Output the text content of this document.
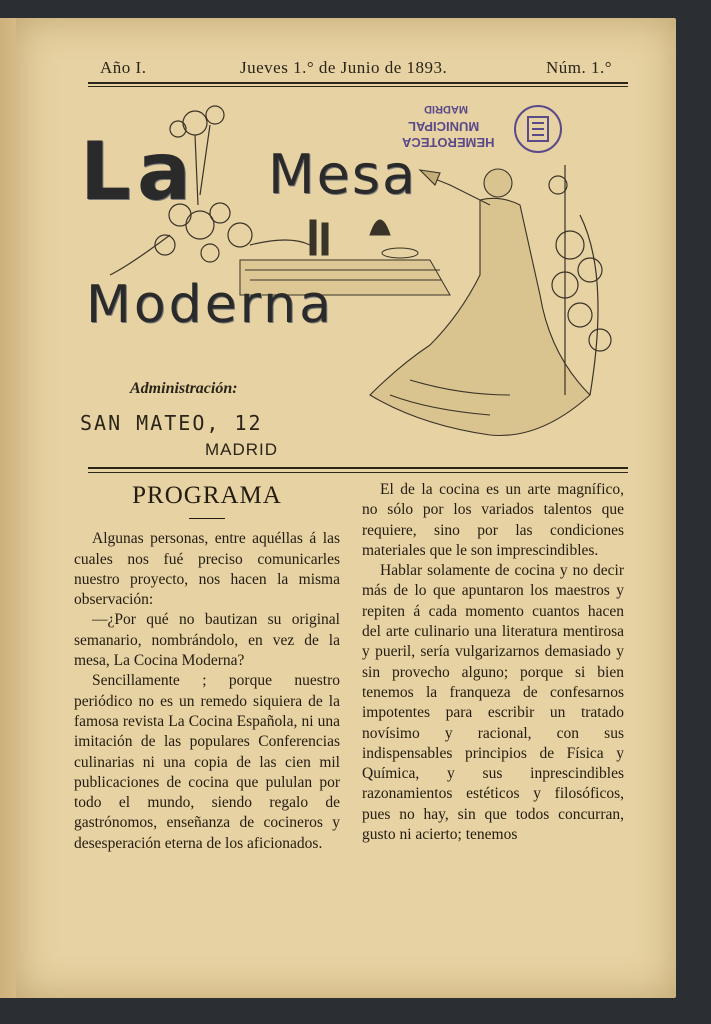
Año I.	Jueves 1.° de Junio de 1893.	Núm. 1.°
La Mesa
Moderna
HEMEROTECA
MUNICIPAL
MADRID
Administración:
SAN MATEO, 12
MADRID
PROGRAMA

Algunas personas, entre aquéllas á las cuales nos fué preciso comunicarles nuestro proyecto, nos hacen la misma observación:

—¿Por qué no bautizan su original semanario, nombrándolo, en vez de la mesa, La Cocina Moderna?

Sencillamente ; porque nuestro periódico no es un remedo siquiera de la famosa revista La Cocina Española, ni una imitación de las populares Conferencias culinarias ni una copia de las cien mil publicaciones de cocina que pululan por todo el mundo, siendo regalo de gastrónomos, enseñanza de cocineros y desesperación eterna de los aficionados.

El de la cocina es un arte magnífico, no sólo por los variados talentos que requiere, sino por las condiciones materiales que le son imprescindibles.

Hablar solamente de cocina y no decir más de lo que apuntaron los maestros y repiten á cada momento cuantos hacen del arte culinario una literatura mentirosa y pueril, sería vulgarizarnos demasiado y sin provecho alguno; porque si bien tenemos la franqueza de confesarnos impotentes para escribir un tratado novísimo y racional, con sus indispensables principios de Física y Química, y sus inprescindibles razonamientos estéticos y filosóficos, pues no hay, sin que todos concurran, gusto ni acierto; tenemos
